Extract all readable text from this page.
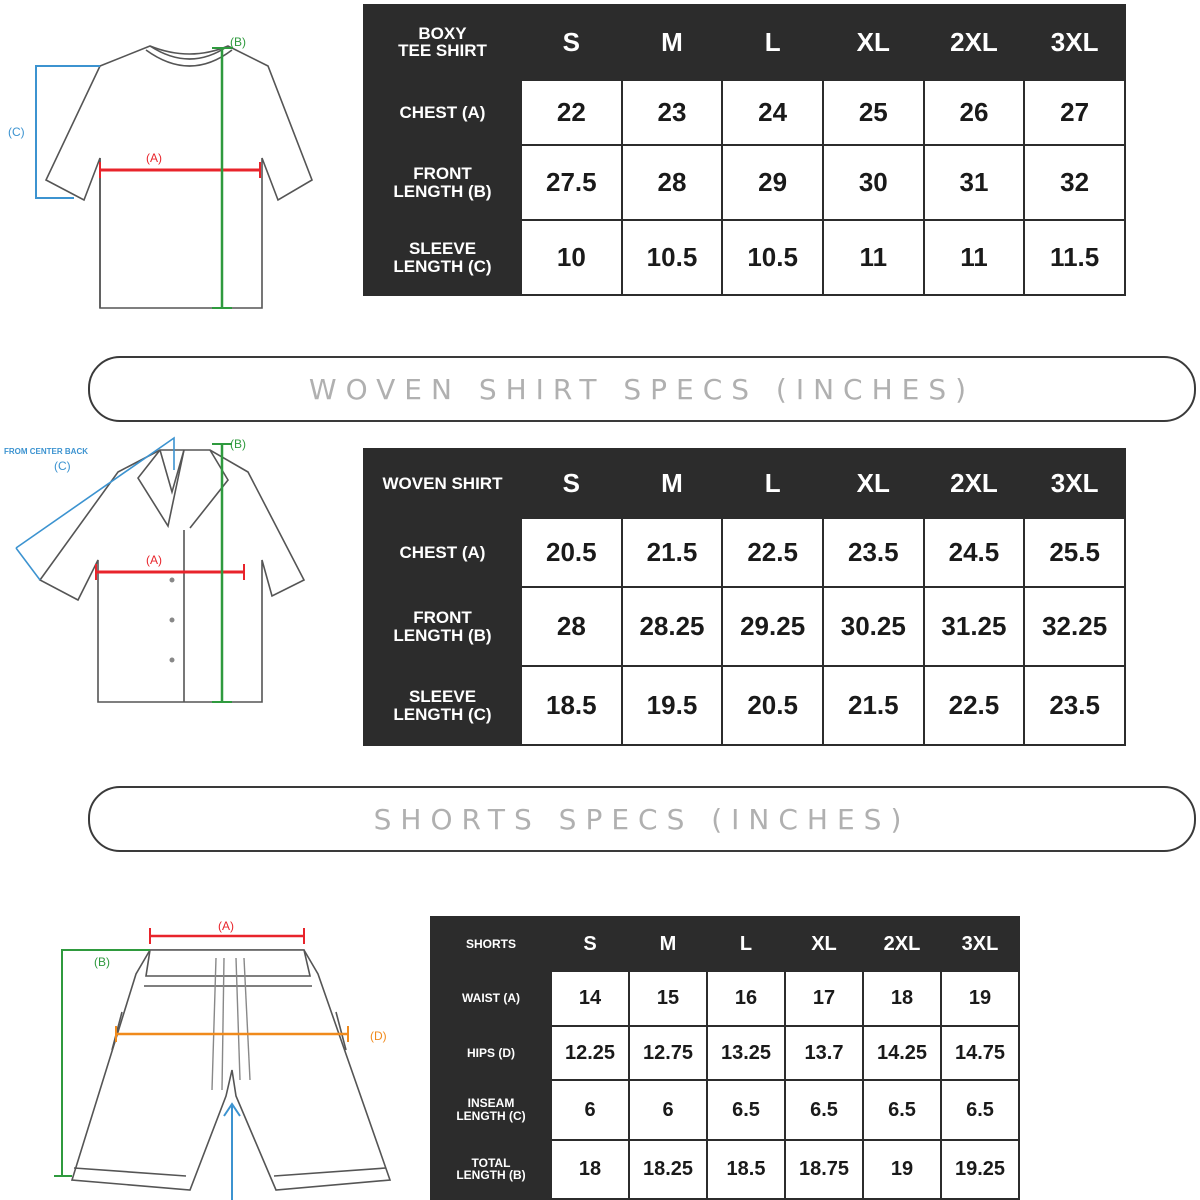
(C)
(A)
(B)	BOXY
TEE SHIRT	S	M	L	XL	2XL	3XL
CHEST (A)	22	23	24	25	26	27
FRONT
LENGTH (B)	27.5	28	29	30	31	32
SLEEVE
LENGTH (C)	10	10.5	10.5	11	11	11.5
WOVEN SHIRT SPECS (INCHES)
FROM CENTER BACK
(C)
(A)
(B)
WOVEN SHIRT	S	M	L	XL	2XL	3XL
CHEST (A)	20.5	21.5	22.5	23.5	24.5	25.5
FRONT
LENGTH (B)	28	28.25	29.25	30.25	31.25	32.25
SLEEVE
LENGTH (C)	18.5	19.5	20.5	21.5	22.5	23.5
SHORTS SPECS (INCHES)
(A)
(B)
(D)
SHORTS	S	M	L	XL	2XL	3XL
WAIST (A)	14	15	16	17	18	19
HIPS (D)	12.25	12.75	13.25	13.7	14.25	14.75
INSEAM
LENGTH (C)	6	6	6.5	6.5	6.5	6.5
TOTAL
LENGTH (B)	18	18.25	18.5	18.75	19	19.25
